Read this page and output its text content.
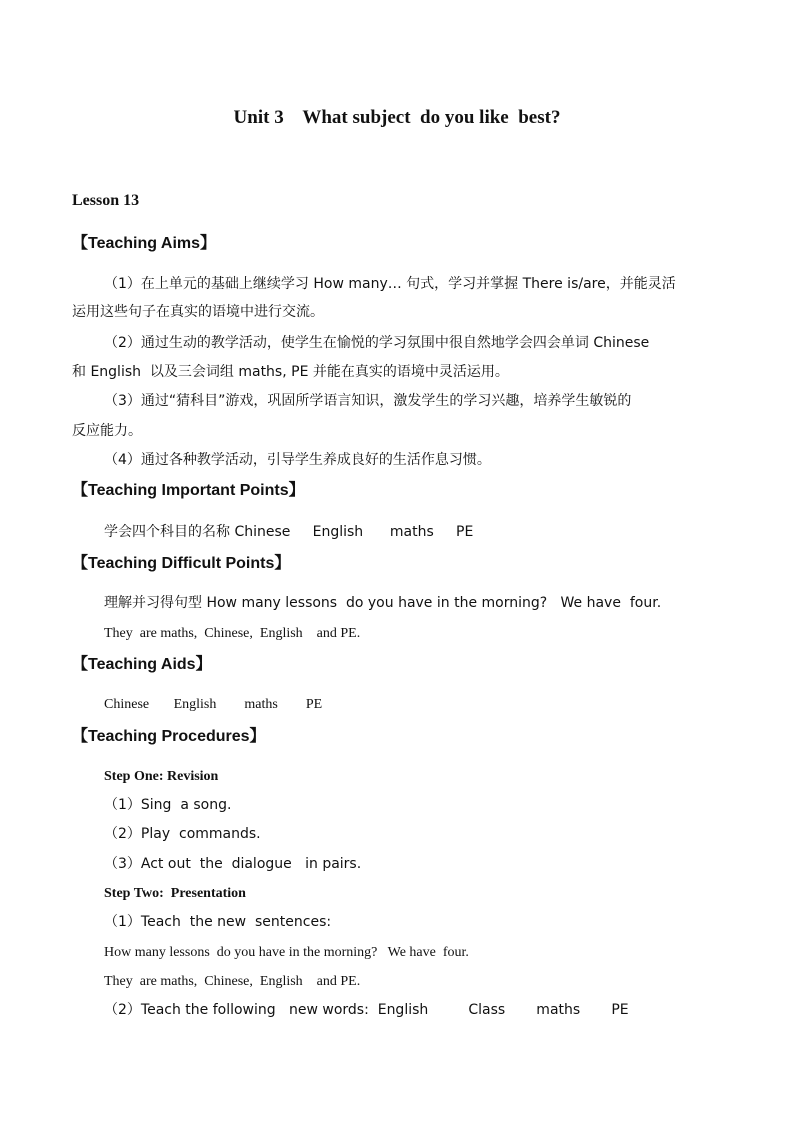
Unit 3    What subject  do you like  best?
Lesson 13
【Teaching Aims】
（1）在上单元的基础上继续学习 How many… 句式，学习并掌握 There is/are，并能灵活
运用这些句子在真实的语境中进行交流。
（2）通过生动的教学活动，使学生在愉悦的学习氛围中很自然地学会四会单词 Chinese
和 English  以及三会词组 maths, PE 并能在真实的语境中灵活运用。
（3）通过“猜科目”游戏，巩固所学语言知识，激发学生的学习兴趣，培养学生敏锐的
反应能力。
（4）通过各种教学活动，引导学生养成良好的生活作息习惯。
【Teaching Important Points】
学会四个科目的名称 Chinese     English      maths     PE
【Teaching Difficult Points】
理解并习得句型 How many lessons  do you have in the morning?   We have  four.
They  are maths,  Chinese,  English    and PE.
【Teaching Aids】
Chinese       English        maths        PE
【Teaching Procedures】
Step One: Revision
（1）Sing  a song.
（2）Play  commands.
（3）Act out  the  dialogue   in pairs.
Step Two:  Presentation
（1）Teach  the new  sentences:
How many lessons  do you have in the morning?   We have  four.
They  are maths,  Chinese,  English    and PE.
（2）Teach the following   new words:  English         Class       maths       PE
